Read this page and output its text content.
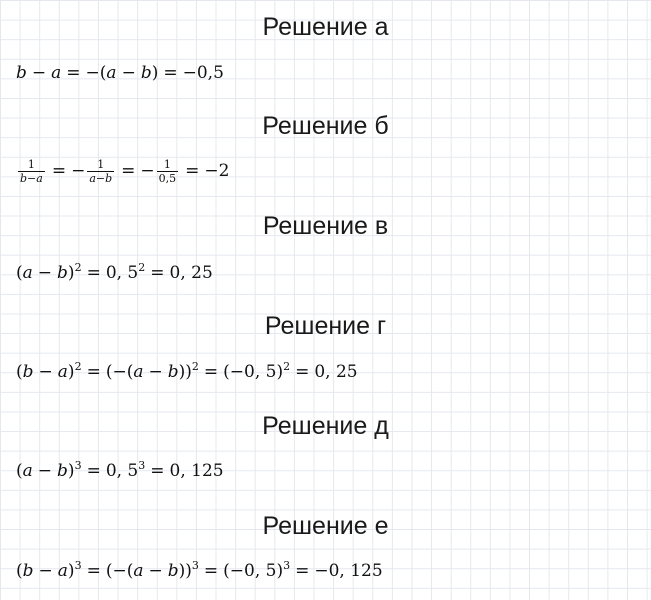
Решение а
b − a = −(a − b) = −0,5
Решение б
$\frac{1}{b-a}$ = − $\frac{1}{a-b}$ = − $\frac{1}{0,5} = -2$
Решение в
$(a - b)^2 = 0$, $5^2 = 0$, 25
Решение г
$(b - a)^2 = (-(a - b))^2 = (-0$, 5)$^2$ = 0, 25
Решение д
$(a - b)^3 = 0$, $5^3 = 0$, 125
Решение е
$(b - a)^3 = (-(a - b))^3 = (-0$, 5)$^3$ = −0, 125
